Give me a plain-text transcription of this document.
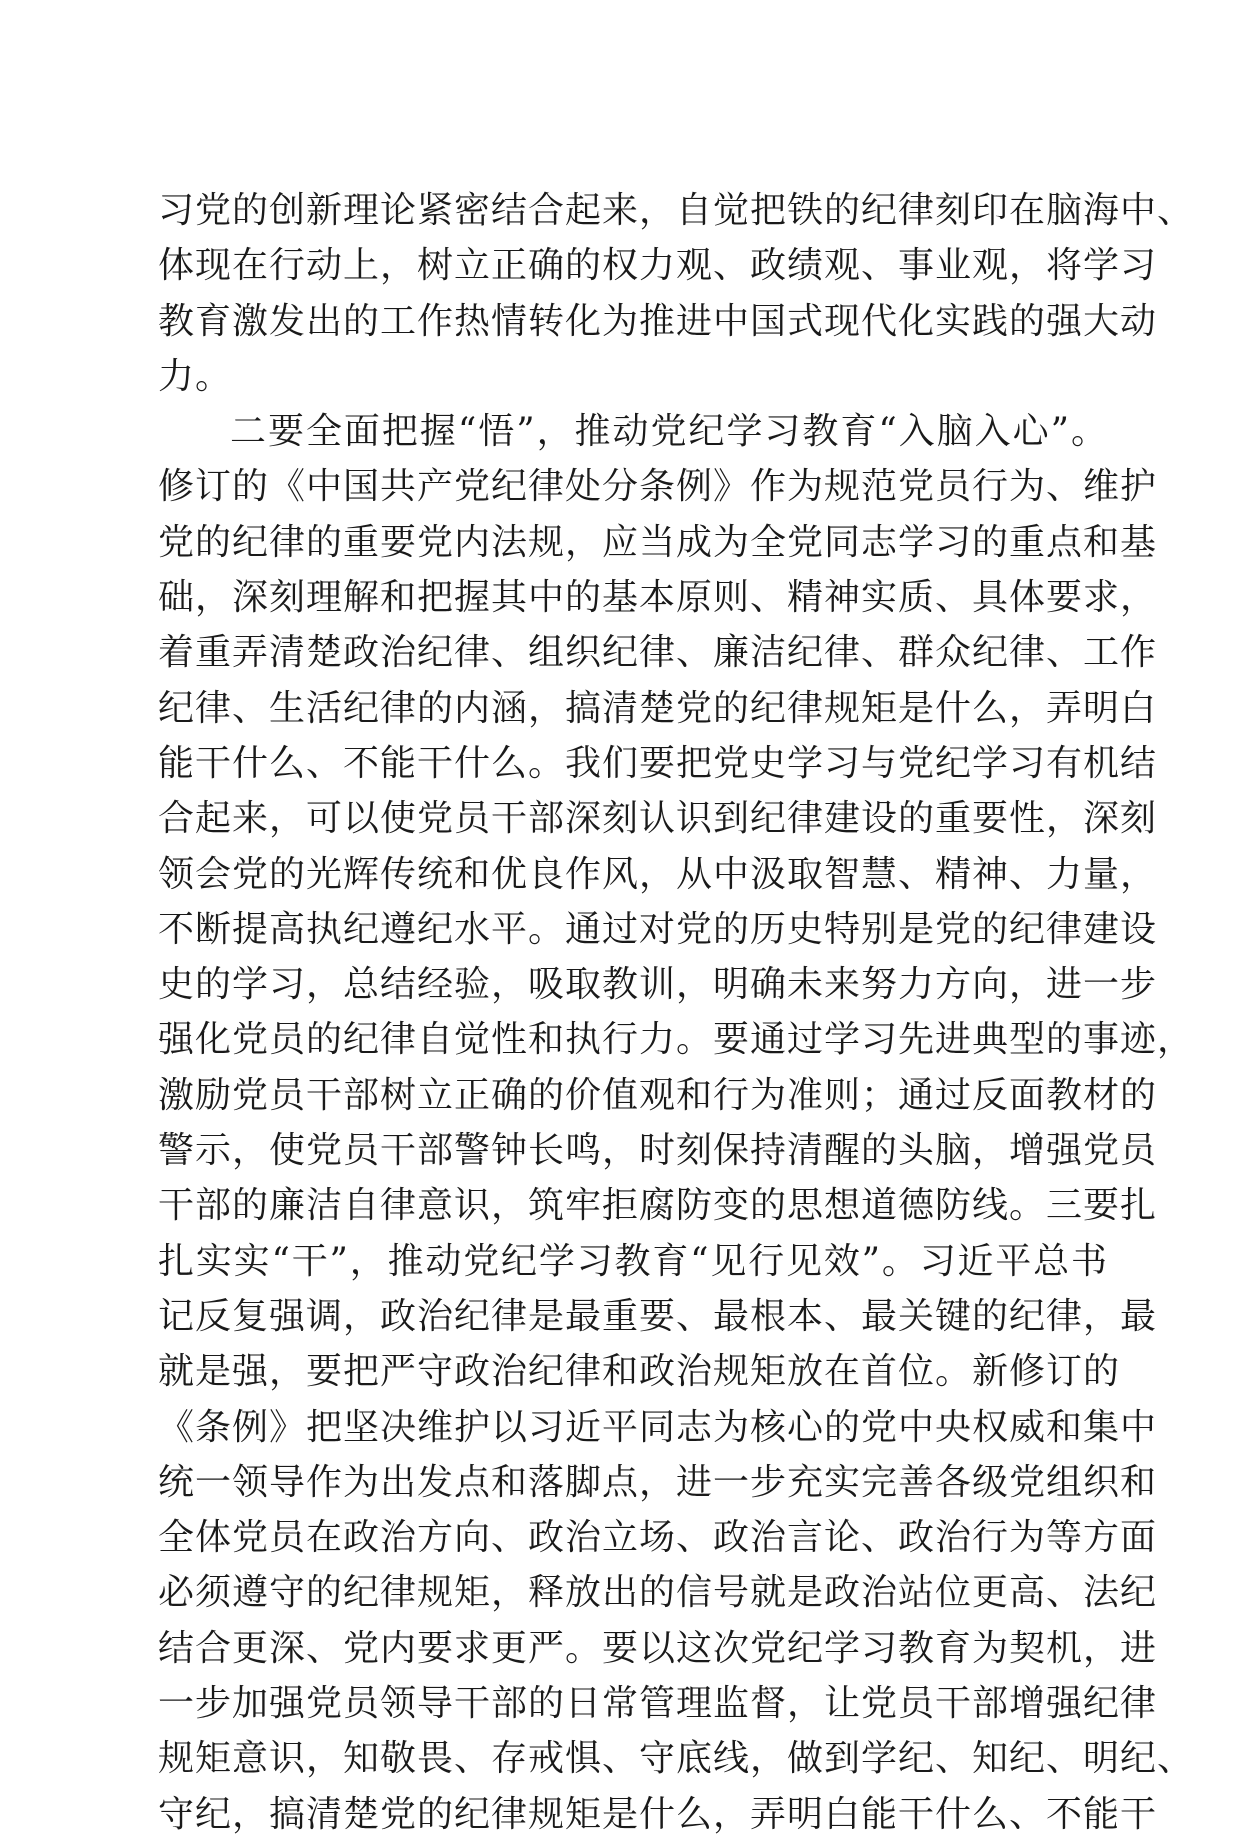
习党的创新理论紧密结合起来，自觉把铁的纪律刻印在脑海中、
体现在行动上，树立正确的权力观、政绩观、事业观，将学习
教育激发出的工作热情转化为推进中国式现代化实践的强大动
力。
二要全面把握“悟”，推动党纪学习教育“入脑入心”。
修订的《中国共产党纪律处分条例》作为规范党员行为、维护
党的纪律的重要党内法规，应当成为全党同志学习的重点和基
础，深刻理解和把握其中的基本原则、精神实质、具体要求，
着重弄清楚政治纪律、组织纪律、廉洁纪律、群众纪律、工作
纪律、生活纪律的内涵，搞清楚党的纪律规矩是什么，弄明白
能干什么、不能干什么。我们要把党史学习与党纪学习有机结
合起来，可以使党员干部深刻认识到纪律建设的重要性，深刻
领会党的光辉传统和优良作风，从中汲取智慧、精神、力量，
不断提高执纪遵纪水平。通过对党的历史特别是党的纪律建设
史的学习，总结经验，吸取教训，明确未来努力方向，进一步
强化党员的纪律自觉性和执行力。要通过学习先进典型的事迹，
激励党员干部树立正确的价值观和行为准则；通过反面教材的
警示，使党员干部警钟长鸣，时刻保持清醒的头脑，增强党员
干部的廉洁自律意识，筑牢拒腐防变的思想道德防线。三要扎
扎实实“干”，推动党纪学习教育“见行见效”。习近平总书
记反复强调，政治纪律是最重要、最根本、最关键的纪律，最
就是强，要把严守政治纪律和政治规矩放在首位。新修订的
《条例》把坚决维护以习近平同志为核心的党中央权威和集中
统一领导作为出发点和落脚点，进一步充实完善各级党组织和
全体党员在政治方向、政治立场、政治言论、政治行为等方面
必须遵守的纪律规矩，释放出的信号就是政治站位更高、法纪
结合更深、党内要求更严。要以这次党纪学习教育为契机，进
一步加强党员领导干部的日常管理监督，让党员干部增强纪律
规矩意识，知敬畏、存戒惧、守底线，做到学纪、知纪、明纪、
守纪，搞清楚党的纪律规矩是什么，弄明白能干什么、不能干
